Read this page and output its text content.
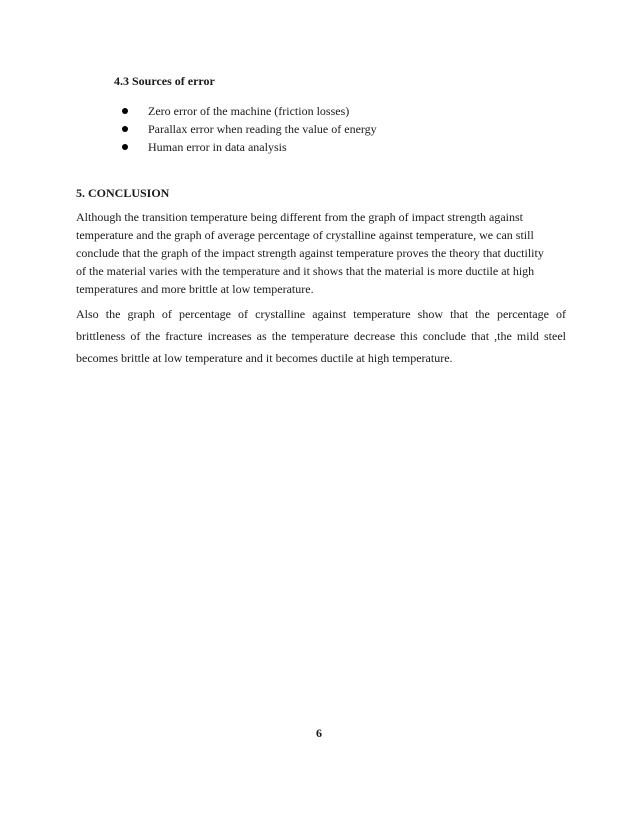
4.3 Sources of error
Zero error of the machine (friction losses)
Parallax error when reading the value of energy
Human error in data analysis
5. CONCLUSION

Although the transition temperature being different from the graph of impact strength against
temperature and the graph of average percentage of crystalline against temperature, we can still
conclude that the graph of the impact strength against temperature proves the theory that ductility
of the material varies with the temperature and it shows that the material is more ductile at high
temperatures and more brittle at low temperature.

Also the graph of percentage of crystalline against temperature show that the percentage of
brittleness of the fracture increases as the temperature decrease this conclude that ,the mild steel
becomes brittle at low temperature and it becomes ductile at high temperature.

6
